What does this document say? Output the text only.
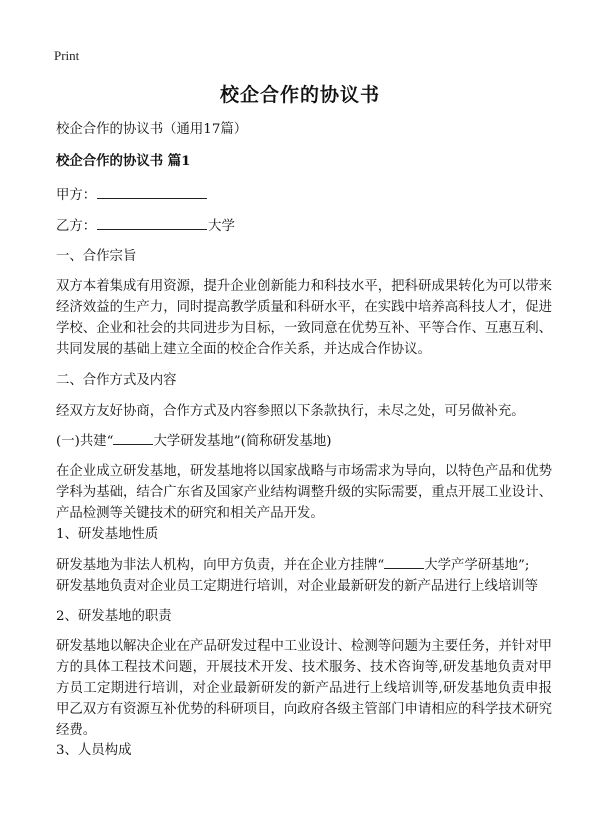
Print
校企合作的协议书
校企合作的协议书（通用17篇）
校企合作的协议书 篇1
甲方：
乙方：	大学
一、合作宗旨
双方本着集成有用资源，提升企业创新能力和科技水平，把科研成果转化为可以带来经济效益的生产力，同时提高教学质量和科研水平，在实践中培养高科技人才，促进学校、企业和社会的共同进步为目标，一致同意在优势互补、平等合作、互惠互利、共同发展的基础上建立全面的校企合作关系，并达成合作协议。
二、合作方式及内容
经双方友好协商，合作方式及内容参照以下条款执行，未尽之处，可另做补充。
(一)共建“	大学研发基地”(简称研发基地)
在企业成立研发基地，研发基地将以国家战略与市场需求为导向，以特色产品和优势学科为基础，结合广东省及国家产业结构调整升级的实际需要，重点开展工业设计、产品检测等关键技术的研究和相关产品开发。
1、研发基地性质
研发基地为非法人机构，向甲方负责，并在企业方挂牌“	大学产学研基地”;
研发基地负责对企业员工定期进行培训，对企业最新研发的新产品进行上线培训等
2、研发基地的职责
研发基地以解决企业在产品研发过程中工业设计、检测等问题为主要任务，并针对甲方的具体工程技术问题，开展技术开发、技术服务、技术咨询等,研发基地负责对甲方员工定期进行培训，对企业最新研发的新产品进行上线培训等,研发基地负责申报甲乙双方有资源互补优势的科研项目，向政府各级主管部门申请相应的科学技术研究经费。
3、人员构成
